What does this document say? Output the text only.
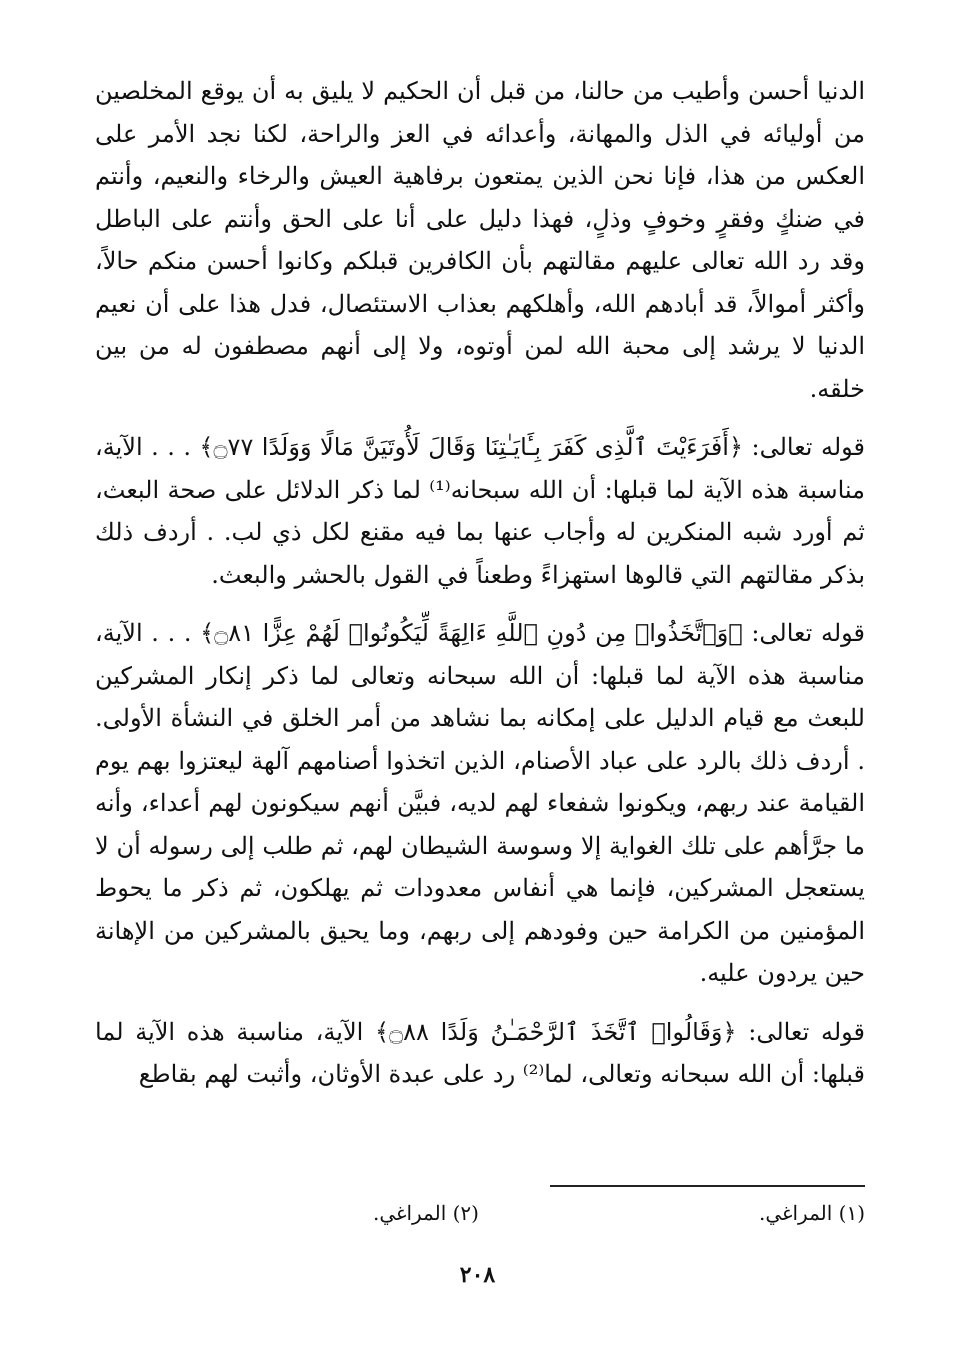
الدنيا أحسن وأطيب من حالنا، من قبل أن الحكيم لا يليق به أن يوقع المخلصين من أوليائه في الذل والمهانة، وأعدائه في العز والراحة، لكنا نجد الأمر على العكس من هذا، فإنا نحن الذين يمتعون برفاهية العيش والرخاء والنعيم، وأنتم في ضنكٍ وفقرٍ وخوفٍ وذلٍ، فهذا دليل على أنا على الحق وأنتم على الباطل وقد رد الله تعالى عليهم مقالتهم بأن الكافرين قبلكم وكانوا أحسن منكم حالاً، وأكثر أموالاً، قد أبادهم الله، وأهلكهم بعذاب الاستئصال، فدل هذا على أن نعيم الدنيا لا يرشد إلى محبة الله لمن أوتوه، ولا إلى أنهم مصطفون له من بين خلقه.

قوله تعالى: ﴿أَفَرَءَيْتَ ٱلَّذِى كَفَرَ بِـَٔايَـٰتِنَا وَقَالَ لَأُوتَيَنَّ مَالًا وَوَلَدًا ۝٧٧﴾ . . . الآية، مناسبة هذه الآية لما قبلها: أن الله سبحانه⁽¹⁾ لما ذكر الدلائل على صحة البعث، ثم أورد شبه المنكرين له وأجاب عنها بما فيه مقنع لكل ذي لب. . أردف ذلك بذكر مقالتهم التي قالوها استهزاءً وطعناً في القول بالحشر والبعث.

قوله تعالى: ﴿وَٱتَّخَذُوا۟ مِن دُونِ ٱللَّهِ ءَالِهَةً لِّيَكُونُوا۟ لَهُمْ عِزًّا ۝٨١﴾ . . . الآية، مناسبة هذه الآية لما قبلها: أن الله سبحانه وتعالى لما ذكر إنكار المشركين للبعث مع قيام الدليل على إمكانه بما نشاهد من أمر الخلق في النشأة الأولى. . أردف ذلك بالرد على عباد الأصنام، الذين اتخذوا أصنامهم آلهة ليعتزوا بهم يوم القيامة عند ربهم، ويكونوا شفعاء لهم لديه، فبيَّن أنهم سيكونون لهم أعداء، وأنه ما جرَّأهم على تلك الغواية إلا وسوسة الشيطان لهم، ثم طلب إلى رسوله أن لا يستعجل المشركين، فإنما هي أنفاس معدودات ثم يهلكون، ثم ذكر ما يحوط المؤمنين من الكرامة حين وفودهم إلى ربهم، وما يحيق بالمشركين من الإهانة حين يردون عليه.

قوله تعالى: ﴿وَقَالُوا۟ ٱتَّخَذَ ٱلرَّحْمَـٰنُ وَلَدًا ۝٨٨﴾ الآية، مناسبة هذه الآية لما قبلها: أن الله سبحانه وتعالى، لما⁽²⁾ رد على عبدة الأوثان، وأثبت لهم بقاطع

(١) المراغي.(٢) المراغي.
٢٠٨
